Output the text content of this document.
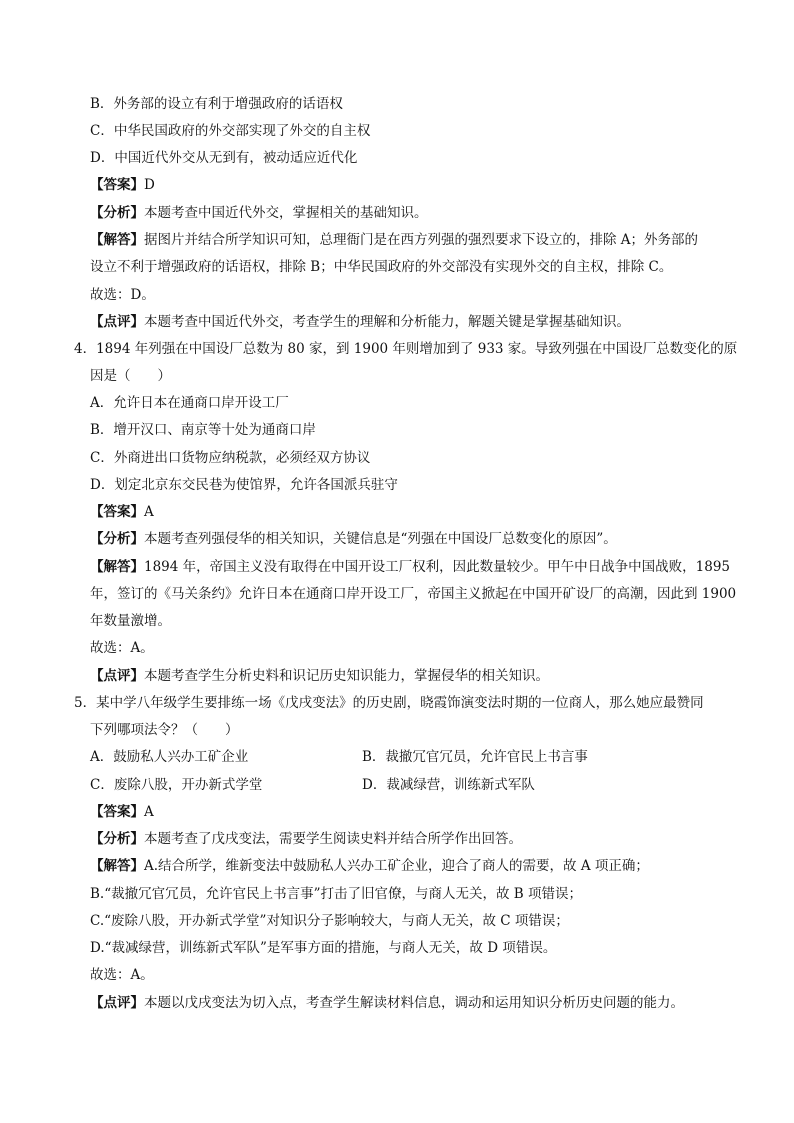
B．外务部的设立有利于增强政府的话语权
C．中华民国政府的外交部实现了外交的自主权
D．中国近代外交从无到有，被动适应近代化
【答案】D
【分析】本题考查中国近代外交，掌握相关的基础知识。
【解答】据图片并结合所学知识可知，总理衙门是在西方列强的强烈要求下设立的，排除 A；外务部的
设立不利于增强政府的话语权，排除 B；中华民国政府的外交部没有实现外交的自主权，排除 C。
故选：D。
【点评】本题考查中国近代外交，考查学生的理解和分析能力，解题关键是掌握基础知识。
4．1894 年列强在中国设厂总数为 80 家，到 1900 年则增加到了 933 家。导致列强在中国设厂总数变化的原
因是（　　）
A．允许日本在通商口岸开设工厂
B．增开汉口、南京等十处为通商口岸
C．外商进出口货物应纳税款，必须经双方协议
D．划定北京东交民巷为使馆界，允许各国派兵驻守
【答案】A
【分析】本题考查列强侵华的相关知识，关键信息是“列强在中国设厂总数变化的原因”。
【解答】1894 年，帝国主义没有取得在中国开设工厂权利，因此数量较少。甲午中日战争中国战败，1895
年，签订的《马关条约》允许日本在通商口岸开设工厂，帝国主义掀起在中国开矿设厂的高潮，因此到 1900
年数量激增。
故选：A。
【点评】本题考查学生分析史料和识记历史知识能力，掌握侵华的相关知识。
5．某中学八年级学生要排练一场《戊戌变法》的历史剧，晓霞饰演变法时期的一位商人，那么她应最赞同
下列哪项法令？（　　）
A．鼓励私人兴办工矿企业	B．裁撤冗官冗员，允许官民上书言事
C．废除八股，开办新式学堂	D．裁减绿营，训练新式军队
【答案】A
【分析】本题考查了戊戌变法，需要学生阅读史料并结合所学作出回答。
【解答】A.结合所学，维新变法中鼓励私人兴办工矿企业，迎合了商人的需要，故 A 项正确；
B.“裁撤冗官冗员，允许官民上书言事”打击了旧官僚，与商人无关，故 B 项错误；
C.“废除八股，开办新式学堂”对知识分子影响较大，与商人无关，故 C 项错误；
D.“裁减绿营，训练新式军队”是军事方面的措施，与商人无关，故 D 项错误。
故选：A。
【点评】本题以戊戌变法为切入点，考查学生解读材料信息，调动和运用知识分析历史问题的能力。
